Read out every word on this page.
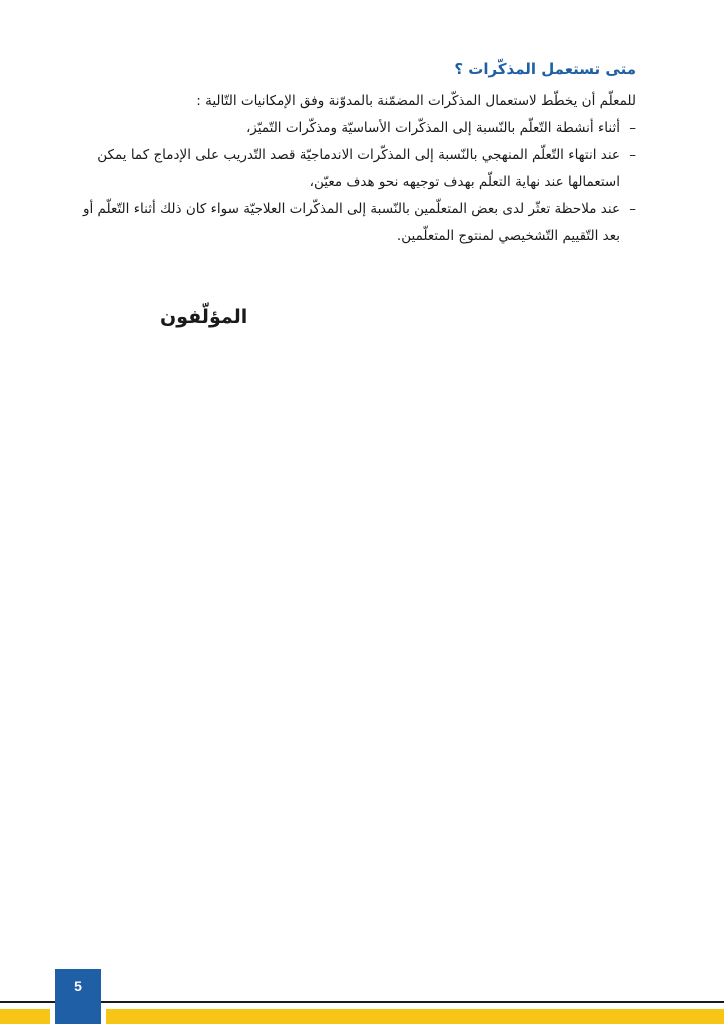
متى تستعمل المذكّرات ؟

للمعلّم أن يخطّط لاستعمال المذكّرات المضمّنة بالمدوّنة وفق الإمكانيات التّالية :

–أثناء أنشطة التّعلّم بالنّسبة إلى المذكّرات الأساسيّة ومذكّرات التّميّز،
–عند انتهاء التّعلّم المنهجي بالنّسبة إلى المذكّرات الاندماجيّة قصد التّدريب على الإدماج كما يمكن استعمالها عند نهاية التعلّم بهدف توجيهه نحو هدف معيّن،
–عند ملاحظة تعثّر لدى بعض المتعلّمين بالنّسبة إلى المذكّرات العلاجيّة سواء كان ذلك أثناء التّعلّم أو بعد التّقييم التّشخيصي لمنتوج المتعلّمين.
المؤلّفون
5
